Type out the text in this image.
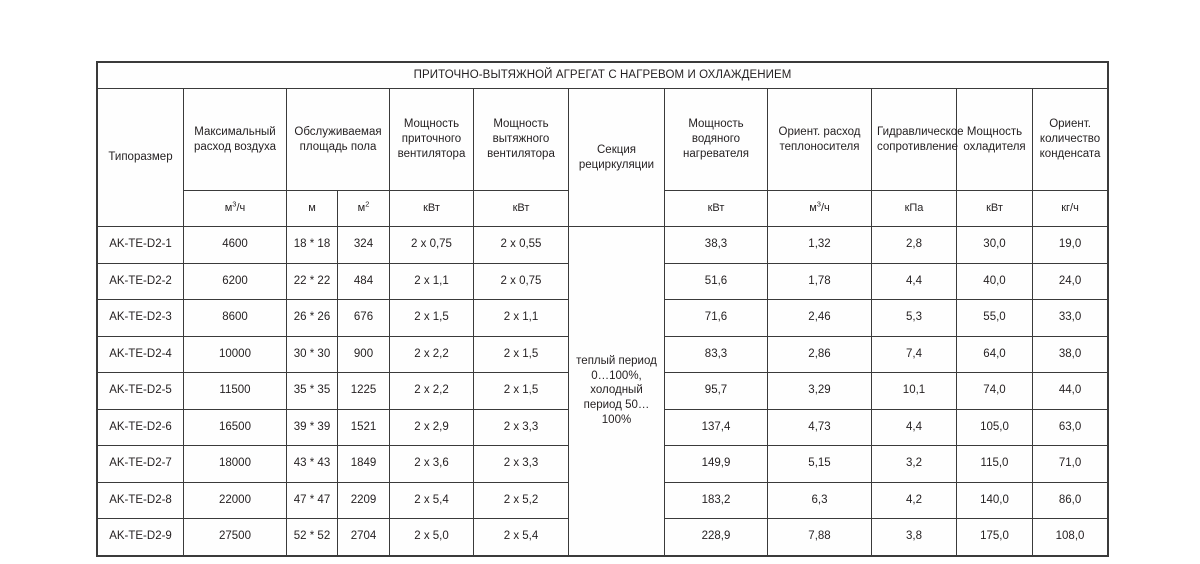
ПРИТОЧНО-ВЫТЯЖНОЙ АГРЕГАТ С НАГРЕВОМ И ОХЛАЖДЕНИЕМ											
Типоразмер	Максимальный расход воздуха	Обслуживаемая площадь пола		Мощность приточного вентилятора	Мощность вытяжного вентилятора	Секция рециркуляции	Мощность водяного нагревателя	Ориент. расход теплоносителя	Гидравлическое сопротивление	Мощность охладителя	Ориент. количество конденсата
	$м^3/ч$	м	$м^2$	кВт	кВт		кВт	$м^3/ч$	кПа	кВт	кг/ч
AK-TE-D2-1	4600	18 * 18	324	2 x 0,75	2 x 0,55	теплый период 0…100%, холодный период 50…100%	38,3	1,32	2,8	30,0	19,0
AK-TE-D2-2	6200	22 * 22	484	2 x 1,1	2 x 0,75		51,6	1,78	4,4	40,0	24,0
AK-TE-D2-3	8600	26 * 26	676	2 x 1,5	2 x 1,1		71,6	2,46	5,3	55,0	33,0
AK-TE-D2-4	10000	30 * 30	900	2 x 2,2	2 x 1,5		83,3	2,86	7,4	64,0	38,0
AK-TE-D2-5	11500	35 * 35	1225	2 x 2,2	2 x 1,5		95,7	3,29	10,1	74,0	44,0
AK-TE-D2-6	16500	39 * 39	1521	2 x 2,9	2 x 3,3		137,4	4,73	4,4	105,0	63,0
AK-TE-D2-7	18000	43 * 43	1849	2 x 3,6	2 x 3,3		149,9	5,15	3,2	115,0	71,0
AK-TE-D2-8	22000	47 * 47	2209	2 x 5,4	2 x 5,2		183,2	6,3	4,2	140,0	86,0
AK-TE-D2-9	27500	52 * 52	2704	2 x 5,0	2 x 5,4		228,9	7,88	3,8	175,0	108,0
